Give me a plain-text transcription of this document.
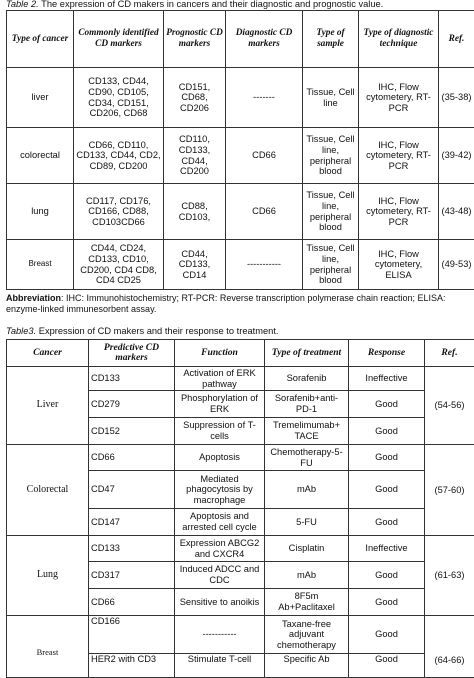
Table 2. The expression of CD makers in cancers and their diagnostic and prognostic value.
Type of cancer	Commonly identified CD markers	Prognostic CD markers	Diagnostic CD markers	Type of sample	Type of diagnostic technique	Ref.
liver	CD133, CD44, CD90, CD105, CD34, CD151, CD206, CD68	CD151, CD68, CD206	-------	Tissue, Cell line	IHC, Flow cytometery, RT-PCR	(35-38)
colorectal	CD66, CD110, CD133, CD44, CD2, CD89, CD200	CD110, CD133, CD44, CD200	CD66	Tissue, Cell line, peripheral blood	IHC, Flow cytometery, RT-PCR	(39-42)
lung	CD117, CD176, CD166, CD88, CD103CD66	CD88, CD103,	CD66	Tissue, Cell line, peripheral blood	IHC, Flow cytometery, RT-PCR	(43-48)
Breast	CD44, CD24, CD133, CD10, CD200, CD4 CD8, CD4 CD25	CD44, CD133, CD14	-----------	Tissue, Cell line, peripheral blood	IHC, Flow cytometery, ELISA	(49-53)
Abbreviation: IHC: Immunohistochemistry; RT-PCR: Reverse transcription polymerase chain reaction; ELISA: enzyme-linked immunesorbent assay.
Table3. Expression of CD makers and their response to treatment.
Cancer	Predictive CD markers	Function	Type of treatment	Response	Ref.
Liver	CD133	Activation of ERK pathway	Sorafenib	Ineffective	(54-56)
	CD279	Phosphorylation of ERK	Sorafenib+anti-PD-1	Good	
	CD152	Suppression of T-cells	Tremelimumab+ TACE	Good	
Colorectal	CD66	Apoptosis	Chemotherapy-5-FU	Good	(57-60)
	CD47	Mediated phagocytosis by macrophage	mAb	Good	
	CD147	Apoptosis and arrested cell cycle	5-FU	Good	
Lung	CD133	Expression ABCG2 and CXCR4	Cisplatin	Ineffective	(61-63)
	CD317	Induced ADCC and CDC	mAb	Good	
	CD66	Sensitive to anoikis	8F5m Ab+Paclitaxel	Good	
Breast	CD166	-----------	Taxane-free adjuvant chemotherapy	Good	(64-66)
	HER2 with CD3	Stimulate T-cell	Specific Ab	Good	
